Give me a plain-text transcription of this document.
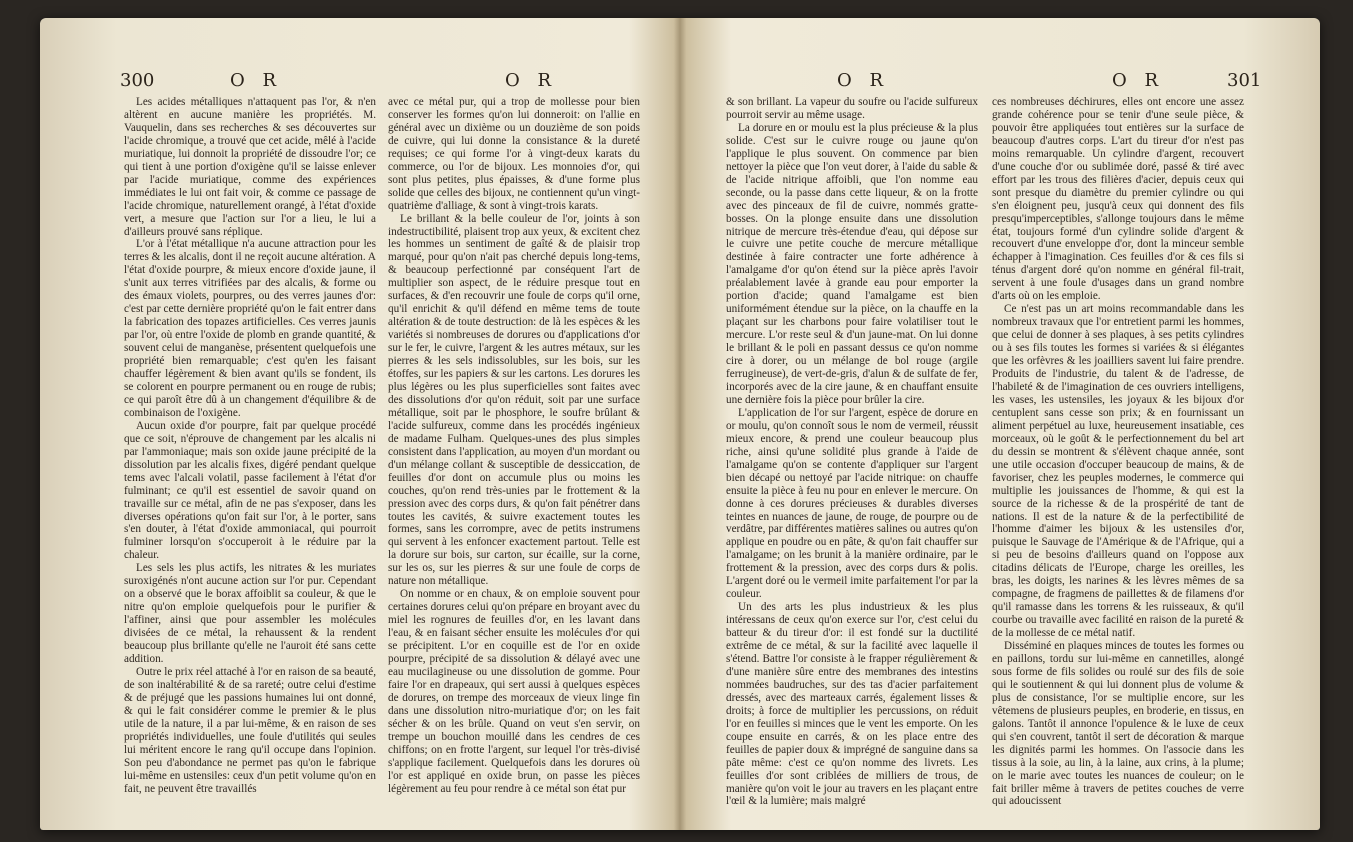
300	O R	O R

Les acides métalliques n'attaquent pas l'or, & n'en altèrent en aucune manière les propriétés. M. Vauquelin, dans ses recherches & ses découvertes sur l'acide chromique, a trouvé que cet acide, mêlé à l'acide muriatique, lui donnoit la propriété de dissoudre l'or; ce qui tient à une portion d'oxigène qu'il se laisse enlever par l'acide muriatique, comme des expériences immédiates le lui ont fait voir, & comme ce passage de l'acide chromique, naturellement orangé, à l'état d'oxide vert, a mesure que l'action sur l'or a lieu, le lui a d'ailleurs prouvé sans réplique.

L'or à l'état métallique n'a aucune attraction pour les terres & les alcalis, dont il ne reçoit aucune altération. A l'état d'oxide pourpre, & mieux encore d'oxide jaune, il s'unit aux terres vitrifiées par des alcalis, & forme ou des émaux violets, pourpres, ou des verres jaunes d'or: c'est par cette dernière propriété qu'on le fait entrer dans la fabrication des topazes artificielles. Ces verres jaunis par l'or, où entre l'oxide de plomb en grande quantité, & souvent celui de manganèse, présentent quelquefois une propriété bien remarquable; c'est qu'en les faisant chauffer légèrement & bien avant qu'ils se fondent, ils se colorent en pourpre permanent ou en rouge de rubis; ce qui paroît être dû à un changement d'équilibre & de combinaison de l'oxigène.

Aucun oxide d'or pourpre, fait par quelque procédé que ce soit, n'éprouve de changement par les alcalis ni par l'ammoniaque; mais son oxide jaune précipité de la dissolution par les alcalis fixes, digéré pendant quelque tems avec l'alcali volatil, passe facilement à l'état d'or fulminant; ce qu'il est essentiel de savoir quand on travaille sur ce métal, afin de ne pas s'exposer, dans les diverses opérations qu'on fait sur l'or, à le porter, sans s'en douter, à l'état d'oxide ammoniacal, qui pourroit fulminer lorsqu'on s'occuperoit à le réduire par la chaleur.

Les sels les plus actifs, les nitrates & les muriates suroxigénés n'ont aucune action sur l'or pur. Cependant on a observé que le borax affoiblit sa couleur, & que le nitre qu'on emploie quelquefois pour le purifier & l'affiner, ainsi que pour assembler les molécules divisées de ce métal, la rehaussent & la rendent beaucoup plus brillante qu'elle ne l'auroit été sans cette addition.

Outre le prix réel attaché à l'or en raison de sa beauté, de son inaltérabilité & de sa rareté; outre celui d'estime & de préjugé que les passions humaines lui ont donné, & qui le fait considérer comme le premier & le plus utile de la nature, il a par lui-même, & en raison de ses propriétés individuelles, une foule d'utilités qui seules lui méritent encore le rang qu'il occupe dans l'opinion. Son peu d'abondance ne permet pas qu'on le fabrique lui-même en ustensiles: ceux d'un petit volume qu'on en fait, ne peuvent être travaillés

avec ce métal pur, qui a trop de mollesse pour bien conserver les formes qu'on lui donneroit: on l'allie en général avec un dixième ou un douzième de son poids de cuivre, qui lui donne la consistance & la dureté requises; ce qui forme l'or à vingt-deux karats du commerce, ou l'or de bijoux. Les monnoies d'or, qui sont plus petites, plus épaisses, & d'une forme plus solide que celles des bijoux, ne contiennent qu'un vingt-quatrième d'alliage, & sont à vingt-trois karats.

Le brillant & la belle couleur de l'or, joints à son indestructibilité, plaisent trop aux yeux, & excitent chez les hommes un sentiment de gaîté & de plaisir trop marqué, pour qu'on n'ait pas cherché depuis long-tems, & beaucoup perfectionné par conséquent l'art de multiplier son aspect, de le réduire presque tout en surfaces, & d'en recouvrir une foule de corps qu'il orne, qu'il enrichit & qu'il défend en même tems de toute altération & de toute destruction: de là les espèces & les variétés si nombreuses de dorures ou d'applications d'or sur le fer, le cuivre, l'argent & les autres métaux, sur les pierres & les sels indissolubles, sur les bois, sur les étoffes, sur les papiers & sur les cartons. Les dorures les plus légères ou les plus superficielles sont faites avec des dissolutions d'or qu'on réduit, soit par une surface métallique, soit par le phosphore, le soufre brûlant & l'acide sulfureux, comme dans les procédés ingénieux de madame Fulham. Quelques-unes des plus simples consistent dans l'application, au moyen d'un mordant ou d'un mélange collant & susceptible de dessiccation, de feuilles d'or dont on accumule plus ou moins les couches, qu'on rend très-unies par le frottement & la pression avec des corps durs, & qu'on fait pénétrer dans toutes les cavités, & suivre exactement toutes les formes, sans les corrompre, avec de petits instrumens qui servent à les enfoncer exactement partout. Telle est la dorure sur bois, sur carton, sur écaille, sur la corne, sur les os, sur les pierres & sur une foule de corps de nature non métallique.

On nomme or en chaux, & on emploie souvent pour certaines dorures celui qu'on prépare en broyant avec du miel les rognures de feuilles d'or, en les lavant dans l'eau, & en faisant sécher ensuite les molécules d'or qui se précipitent. L'or en coquille est de l'or en oxide pourpre, précipité de sa dissolution & délayé avec une eau mucilagineuse ou une dissolution de gomme. Pour faire l'or en drapeaux, qui sert aussi à quelques espèces de dorures, on trempe des morceaux de vieux linge fin dans une dissolution nitro-muriatique d'or; on les fait sécher & on les brûle. Quand on veut s'en servir, on trempe un bouchon mouillé dans les cendres de ces chiffons; on en frotte l'argent, sur lequel l'or très-divisé s'applique facilement. Quelquefois dans les dorures où l'or est appliqué en oxide brun, on passe les pièces légèrement au feu pour rendre à ce métal son état pur

O R	O R	301

& son brillant. La vapeur du soufre ou l'acide sulfureux pourroit servir au même usage.

La dorure en or moulu est la plus précieuse & la plus solide. C'est sur le cuivre rouge ou jaune qu'on l'applique le plus souvent. On commence par bien nettoyer la pièce que l'on veut dorer, à l'aide du sable & de l'acide nitrique affoibli, que l'on nomme eau seconde, ou la passe dans cette liqueur, & on la frotte avec des pinceaux de fil de cuivre, nommés gratte-bosses. On la plonge ensuite dans une dissolution nitrique de mercure très-étendue d'eau, qui dépose sur le cuivre une petite couche de mercure métallique destinée à faire contracter une forte adhérence à l'amalgame d'or qu'on étend sur la pièce après l'avoir préalablement lavée à grande eau pour emporter la portion d'acide; quand l'amalgame est bien uniformément étendue sur la pièce, on la chauffe en la plaçant sur les charbons pour faire volatiliser tout le mercure. L'or reste seul & d'un jaune-mat. On lui donne le brillant & le poli en passant dessus ce qu'on nomme cire à dorer, ou un mélange de bol rouge (argile ferrugineuse), de vert-de-gris, d'alun & de sulfate de fer, incorporés avec de la cire jaune, & en chauffant ensuite une dernière fois la pièce pour brûler la cire.

L'application de l'or sur l'argent, espèce de dorure en or moulu, qu'on connoît sous le nom de vermeil, réussit mieux encore, & prend une couleur beaucoup plus riche, ainsi qu'une solidité plus grande à l'aide de l'amalgame qu'on se contente d'appliquer sur l'argent bien décapé ou nettoyé par l'acide nitrique: on chauffe ensuite la pièce à feu nu pour en enlever le mercure. On donne à ces dorures précieuses & durables diverses teintes en nuances de jaune, de rouge, de pourpre ou de verdâtre, par différentes matières salines ou autres qu'on applique en poudre ou en pâte, & qu'on fait chauffer sur l'amalgame; on les brunit à la manière ordinaire, par le frottement & la pression, avec des corps durs & polis. L'argent doré ou le vermeil imite parfaitement l'or par la couleur.

Un des arts les plus industrieux & les plus intéressans de ceux qu'on exerce sur l'or, c'est celui du batteur & du tireur d'or: il est fondé sur la ductilité extrême de ce métal, & sur la facilité avec laquelle il s'étend. Battre l'or consiste à le frapper régulièrement & d'une manière sûre entre des membranes des intestins nommées baudruches, sur des tas d'acier parfaitement dressés, avec des marteaux carrés, également lisses & droits; à force de multiplier les percussions, on réduit l'or en feuilles si minces que le vent les emporte. On les coupe ensuite en carrés, & on les place entre des feuilles de papier doux & imprégné de sanguine dans sa pâte même: c'est ce qu'on nomme des livrets. Les feuilles d'or sont criblées de milliers de trous, de manière qu'on voit le jour au travers en les plaçant entre l'œil & la lumière; mais malgré

ces nombreuses déchirures, elles ont encore une assez grande cohérence pour se tenir d'une seule pièce, & pouvoir être appliquées tout entières sur la surface de beaucoup d'autres corps. L'art du tireur d'or n'est pas moins remarquable. Un cylindre d'argent, recouvert d'une couche d'or ou sublimée doré, passé & tiré avec effort par les trous des filières d'acier, depuis ceux qui sont presque du diamètre du premier cylindre ou qui s'en éloignent peu, jusqu'à ceux qui donnent des fils presqu'imperceptibles, s'allonge toujours dans le même état, toujours formé d'un cylindre solide d'argent & recouvert d'une enveloppe d'or, dont la minceur semble échapper à l'imagination. Ces feuilles d'or & ces fils si ténus d'argent doré qu'on nomme en général fil-trait, servent à une foule d'usages dans un grand nombre d'arts où on les emploie.

Ce n'est pas un art moins recommandable dans les nombreux travaux que l'or entretient parmi les hommes, que celui de donner à ses plaques, à ses petits cylindres ou à ses fils toutes les formes si variées & si élégantes que les orfèvres & les joailliers savent lui faire prendre. Produits de l'industrie, du talent & de l'adresse, de l'habileté & de l'imagination de ces ouvriers intelligens, les vases, les ustensiles, les joyaux & les bijoux d'or centuplent sans cesse son prix; & en fournissant un aliment perpétuel au luxe, heureusement insatiable, ces morceaux, où le goût & le perfectionnement du bel art du dessin se montrent & s'élèvent chaque année, sont une utile occasion d'occuper beaucoup de mains, & de favoriser, chez les peuples modernes, le commerce qui multiplie les jouissances de l'homme, & qui est la source de la richesse & de la prospérité de tant de nations. Il est de la nature & de la perfectibilité de l'homme d'aimer les bijoux & les ustensiles d'or, puisque le Sauvage de l'Amérique & de l'Afrique, qui a si peu de besoins d'ailleurs quand on l'oppose aux citadins délicats de l'Europe, charge les oreilles, les bras, les doigts, les narines & les lèvres mêmes de sa compagne, de fragmens de paillettes & de filamens d'or qu'il ramasse dans les torrens & les ruisseaux, & qu'il courbe ou travaille avec facilité en raison de la pureté & de la mollesse de ce métal natif.

Disséminé en plaques minces de toutes les formes ou en paillons, tordu sur lui-même en cannetilles, alongé sous forme de fils solides ou roulé sur des fils de soie qui le soutiennent & qui lui donnent plus de volume & plus de consistance, l'or se multiplie encore, sur les vêtemens de plusieurs peuples, en broderie, en tissus, en galons. Tantôt il annonce l'opulence & le luxe de ceux qui s'en couvrent, tantôt il sert de décoration & marque les dignités parmi les hommes. On l'associe dans les tissus à la soie, au lin, à la laine, aux crins, à la plume; on le marie avec toutes les nuances de couleur; on le fait briller même à travers de petites couches de verre qui adoucissent
